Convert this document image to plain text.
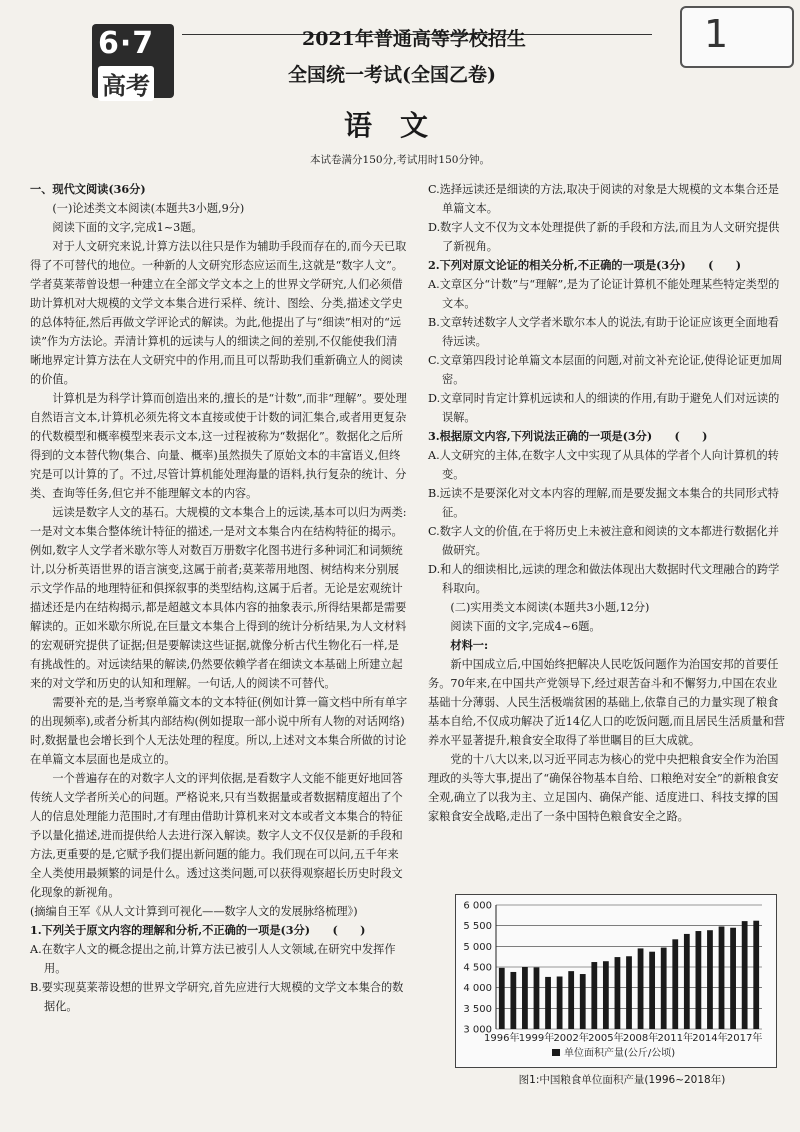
6·7
高考
2021年普通高等学校招生
全国统一考试(全国乙卷)
1
语文
本试卷满分150分,考试用时150分钟。

一、现代文阅读(36分)

(一)论述类文本阅读(本题共3小题,9分)

阅读下面的文字,完成1~3题。

对于人文研究来说,计算方法以往只是作为辅助手段而存在的,而今天已取得了不可替代的地位。一种新的人文研究形态应运而生,这就是“数字人文”。学者莫莱蒂曾设想一种建立在全部文学文本之上的世界文学研究,人们必须借助计算机对大规模的文学文本集合进行采样、统计、图绘、分类,描述文学史的总体特征,然后再做文学评论式的解读。为此,他提出了与“细读”相对的“远读”作为方法论。弄清计算机的远读与人的细读之间的差别,不仅能使我们清晰地界定计算方法在人文研究中的作用,而且可以帮助我们重新确立人的阅读的价值。

计算机是为科学计算而创造出来的,擅长的是“计数”,而非“理解”。要处理自然语言文本,计算机必须先将文本直接或使于计数的词汇集合,或者用更复杂的代数模型和概率模型来表示文本,这一过程被称为“数据化”。数据化之后所得到的文本替代物(集合、向量、概率)虽然损失了原始文本的丰富语义,但终究是可以计算的了。不过,尽管计算机能处理海量的语料,执行复杂的统计、分类、查询等任务,但它并不能理解文本的内容。

远读是数字人文的基石。大规模的文本集合上的远读,基本可以归为两类:一是对文本集合整体统计特征的描述,一是对文本集合内在结构特征的揭示。例如,数字人文学者米歇尔等人对数百万册数字化图书进行多种词汇和词频统计,以分析英语世界的语言演变,这属于前者;莫莱蒂用地图、树结构来分别展示文学作品的地理特征和俱探叙事的类型结构,这属于后者。无论是宏观统计描述还是内在结构揭示,都是超越文本具体内容的抽象表示,所得结果都是需要解读的。正如米歇尔所说,在巨量文本集合上得到的统计分析结果,为人文材料的宏观研究提供了证据;但是要解读这些证据,就像分析古代生物化石一样,是有挑战性的。对远读结果的解读,仍然要依赖学者在细读文本基础上所建立起来的对文学和历史的认知和理解。一句话,人的阅读不可替代。

需要补充的是,当考察单篇文本的文本特征(例如计算一篇文档中所有单字的出现频率),或者分析其内部结构(例如提取一部小说中所有人物的对话网络)时,数据量也会增长到个人无法处理的程度。所以,上述对文本集合所做的讨论在单篇文本层面也是成立的。

一个普遍存在的对数字人文的评判依据,是看数字人文能不能更好地回答传统人文学者所关心的问题。严格说来,只有当数据量或者数据精度超出了个人的信息处理能力范围时,才有理由借助计算机来对文本或者文本集合的特征予以量化描述,进而提供给人去进行深入解读。数字人文不仅仅是新的手段和方法,更重要的是,它赋予我们提出新问题的能力。我们现在可以问,五千年来全人类使用最频繁的词是什么。透过这类问题,可以获得观察超长历史时段文化现象的新视角。

(摘编自王军《从人文计算到可视化——数字人文的发展脉络梳理》)

1.下列关于原文内容的理解和分析,不正确的一项是(3分)　　(　　)

A.在数字人文的概念提出之前,计算方法已被引人人文领域,在研究中发挥作用。

B.要实现莫莱蒂设想的世界文学研究,首先应进行大规模的文学文本集合的数据化。

C.选择远读还是细读的方法,取决于阅读的对象是大规模的文本集合还是单篇文本。

D.数字人文不仅为文本处理提供了新的手段和方法,而且为人文研究提供了新视角。

2.下列对原文论证的相关分析,不正确的一项是(3分)　　(　　)

A.文章区分“计数”与“理解”,是为了论证计算机不能处理某些特定类型的文本。

B.文章转述数字人文学者米歇尔本人的说法,有助于论证应该更全面地看待远读。

C.文章第四段讨论单篇文本层面的问题,对前文补充论证,使得论证更加周密。

D.文章同时肯定计算机远读和人的细读的作用,有助于避免人们对远读的误解。

3.根据原文内容,下列说法正确的一项是(3分)　　(　　)

A.人文研究的主体,在数字人文中实现了从具体的学者个人向计算机的转变。

B.远读不是要深化对文本内容的理解,而是要发掘文本集合的共同形式特征。

C.数字人文的价值,在于将历史上未被注意和阅读的文本都进行数据化并做研究。

D.和人的细读相比,远读的理念和做法体现出大数据时代文理融合的跨学科取向。

(二)实用类文本阅读(本题共3小题,12分)

阅读下面的文字,完成4~6题。

材料一:

新中国成立后,中国始终把解决人民吃饭问题作为治国安邦的首要任务。70年来,在中国共产党领导下,经过艰苦奋斗和不懈努力,中国在农业基础十分薄弱、人民生活极端贫困的基础上,依靠自己的力量实现了粮食基本自给,不仅成功解决了近14亿人口的吃饭问题,而且居民生活质量和营养水平显著提升,粮食安全取得了举世瞩目的巨大成就。

党的十八大以来,以习近平同志为核心的党中央把粮食安全作为治国理政的头等大事,提出了“确保谷物基本自给、口粮绝对安全”的新粮食安全观,确立了以我为主、立足国内、确保产能、适度进口、科技支撑的国家粮食安全战略,走出了一条中国特色粮食安全之路。

3 000
3 500
4 000
4 500
5 000
5 500
6 000
1996年 1999年 2002年 2005年 2008年 2011年 2014年 2017年
单位面积产量(公斤/公顷)
图1:中国粮食单位面积产量(1996~2018年)
